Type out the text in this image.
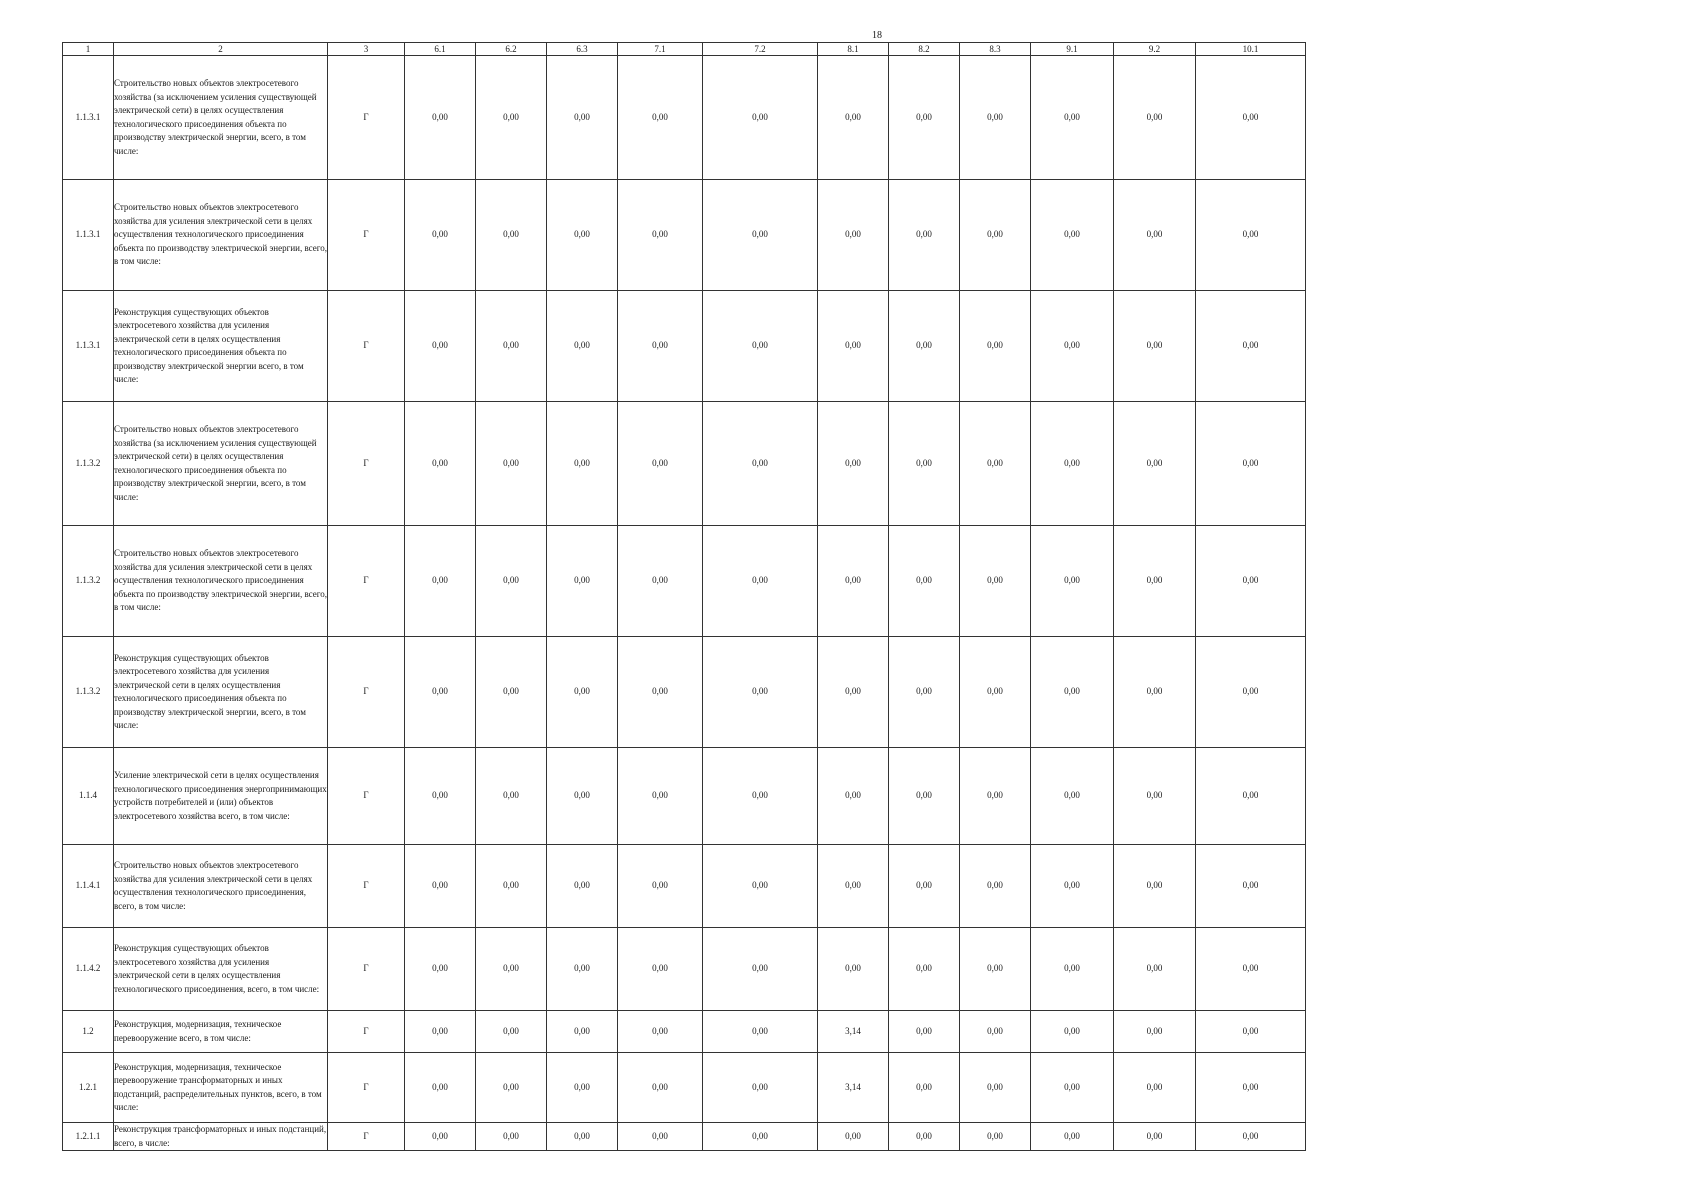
18
1	2	3	6.1	6.2	6.3	7.1	7.2	8.1	8.2	8.3	9.1	9.2	10.1
1.1.3.1	Строительство новых объектов электросетевого хозяйства (за исключением усиления существующей электрической сети) в целях осуществления технологического присоединения объекта по производству электрической энергии, всего, в том числе:	Г	0,00	0,00	0,00	0,00	0,00	0,00	0,00	0,00	0,00	0,00	0,00
1.1.3.1	Строительство новых объектов электросетевого хозяйства для усиления электрической сети в целях осуществления технологического присоединения объекта по производству электрической энергии, всего, в том числе:	Г	0,00	0,00	0,00	0,00	0,00	0,00	0,00	0,00	0,00	0,00	0,00
1.1.3.1	Реконструкция существующих объектов электросетевого хозяйства для усиления электрической сети в целях осуществления технологического присоединения объекта по производству электрической энергии всего, в том числе:	Г	0,00	0,00	0,00	0,00	0,00	0,00	0,00	0,00	0,00	0,00	0,00
1.1.3.2	Строительство новых объектов электросетевого хозяйства (за исключением усиления существующей электрической сети) в целях осуществления технологического присоединения объекта по производству электрической энергии, всего, в том числе:	Г	0,00	0,00	0,00	0,00	0,00	0,00	0,00	0,00	0,00	0,00	0,00
1.1.3.2	Строительство новых объектов электросетевого хозяйства для усиления электрической сети в целях осуществления технологического присоединения объекта по производству электрической энергии, всего, в том числе:	Г	0,00	0,00	0,00	0,00	0,00	0,00	0,00	0,00	0,00	0,00	0,00
1.1.3.2	Реконструкция существующих объектов электросетевого хозяйства для усиления электрической сети в целях осуществления технологического присоединения объекта по производству электрической энергии, всего, в том числе:	Г	0,00	0,00	0,00	0,00	0,00	0,00	0,00	0,00	0,00	0,00	0,00
1.1.4	Усиление электрической сети в целях осуществления технологического присоединения энергопринимающих устройств потребителей и (или) объектов электросетевого хозяйства всего, в том числе:	Г	0,00	0,00	0,00	0,00	0,00	0,00	0,00	0,00	0,00	0,00	0,00
1.1.4.1	Строительство новых объектов электросетевого хозяйства для усиления электрической сети в целях осуществления технологического присоединения, всего, в том числе:	Г	0,00	0,00	0,00	0,00	0,00	0,00	0,00	0,00	0,00	0,00	0,00
1.1.4.2	Реконструкция существующих объектов электросетевого хозяйства для усиления электрической сети в целях осуществления технологического присоединения, всего, в том числе:	Г	0,00	0,00	0,00	0,00	0,00	0,00	0,00	0,00	0,00	0,00	0,00
1.2	Реконструкция, модернизация, техническое перевооружение всего, в том числе:	Г	0,00	0,00	0,00	0,00	0,00	3,14	0,00	0,00	0,00	0,00	0,00
1.2.1	Реконструкция, модернизация, техническое перевооружение трансформаторных и иных подстанций, распределительных пунктов, всего, в том числе:	Г	0,00	0,00	0,00	0,00	0,00	3,14	0,00	0,00	0,00	0,00	0,00
1.2.1.1	Реконструкция трансформаторных и иных подстанций, всего, в числе:	Г	0,00	0,00	0,00	0,00	0,00	0,00	0,00	0,00	0,00	0,00	0,00
